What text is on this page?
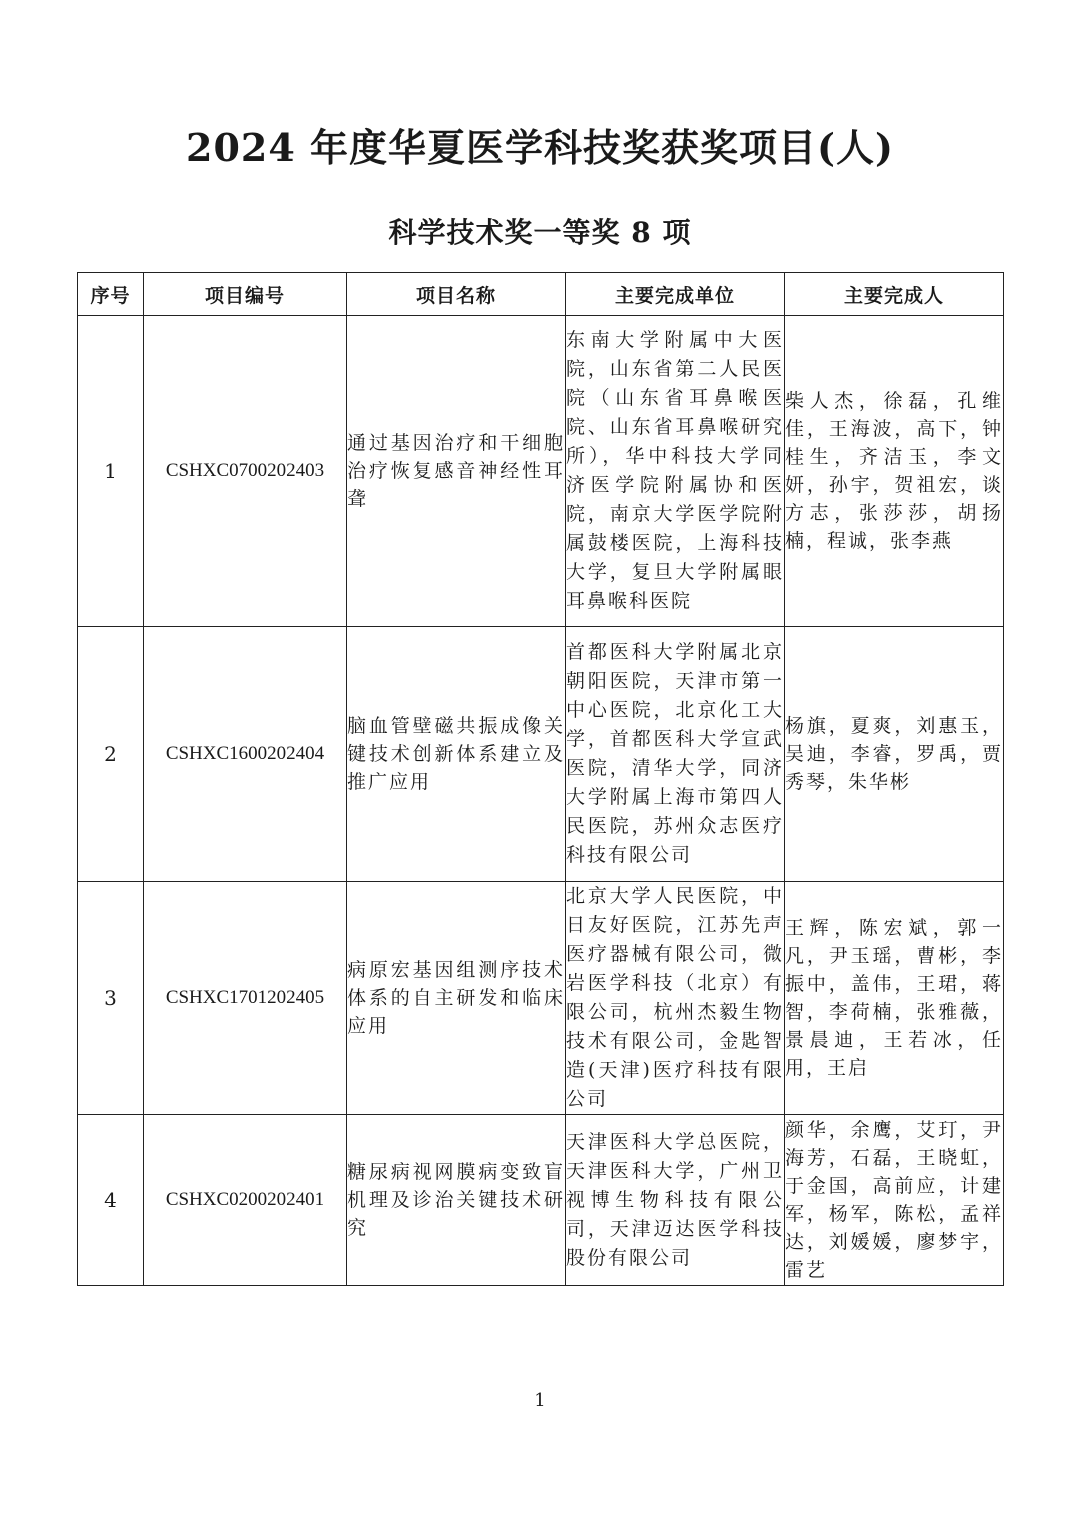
2024 年度华夏医学科技奖获奖项目(人)
科学技术奖一等奖 8 项
序号	项目编号	项目名称	主要完成单位	主要完成人
1	CSHXC0700202403	通过基因治疗和干细胞治疗恢复感音神经性耳聋	东南大学附属中大医院，山东省第二人民医院（山东省耳鼻喉医院、山东省耳鼻喉研究所），华中科技大学同济医学院附属协和医院，南京大学医学院附属鼓楼医院，上海科技大学，复旦大学附属眼耳鼻喉科医院	柴人杰，徐磊，孔维佳，王海波，高下，钟桂生，齐洁玉，李文妍，孙宇，贺祖宏，谈方志，张莎莎，胡扬楠，程诚，张李燕
2	CSHXC1600202404	脑血管壁磁共振成像关键技术创新体系建立及推广应用	首都医科大学附属北京朝阳医院，天津市第一中心医院，北京化工大学，首都医科大学宣武医院，清华大学，同济大学附属上海市第四人民医院，苏州众志医疗科技有限公司	杨旗，夏爽，刘惠玉，吴迪，李睿，罗禹，贾秀琴，朱华彬
3	CSHXC1701202405	病原宏基因组测序技术体系的自主研发和临床应用	北京大学人民医院，中日友好医院，江苏先声医疗器械有限公司，微岩医学科技（北京）有限公司，杭州杰毅生物技术有限公司，金匙智造(天津)医疗科技有限公司	王辉，陈宏斌，郭一凡，尹玉瑶，曹彬，李振中，盖伟，王珺，蒋智，李荷楠，张雅薇，景晨迪，王若冰，任用，王启
4	CSHXC0200202401	糖尿病视网膜病变致盲机理及诊治关键技术研究	天津医科大学总医院，天津医科大学，广州卫视博生物科技有限公司，天津迈达医学科技股份有限公司	颜华，余鹰，艾玎，尹海芳，石磊，王晓虹，于金国，高前应，计建军，杨军，陈松，孟祥达，刘媛媛，廖梦宇，雷艺
1
